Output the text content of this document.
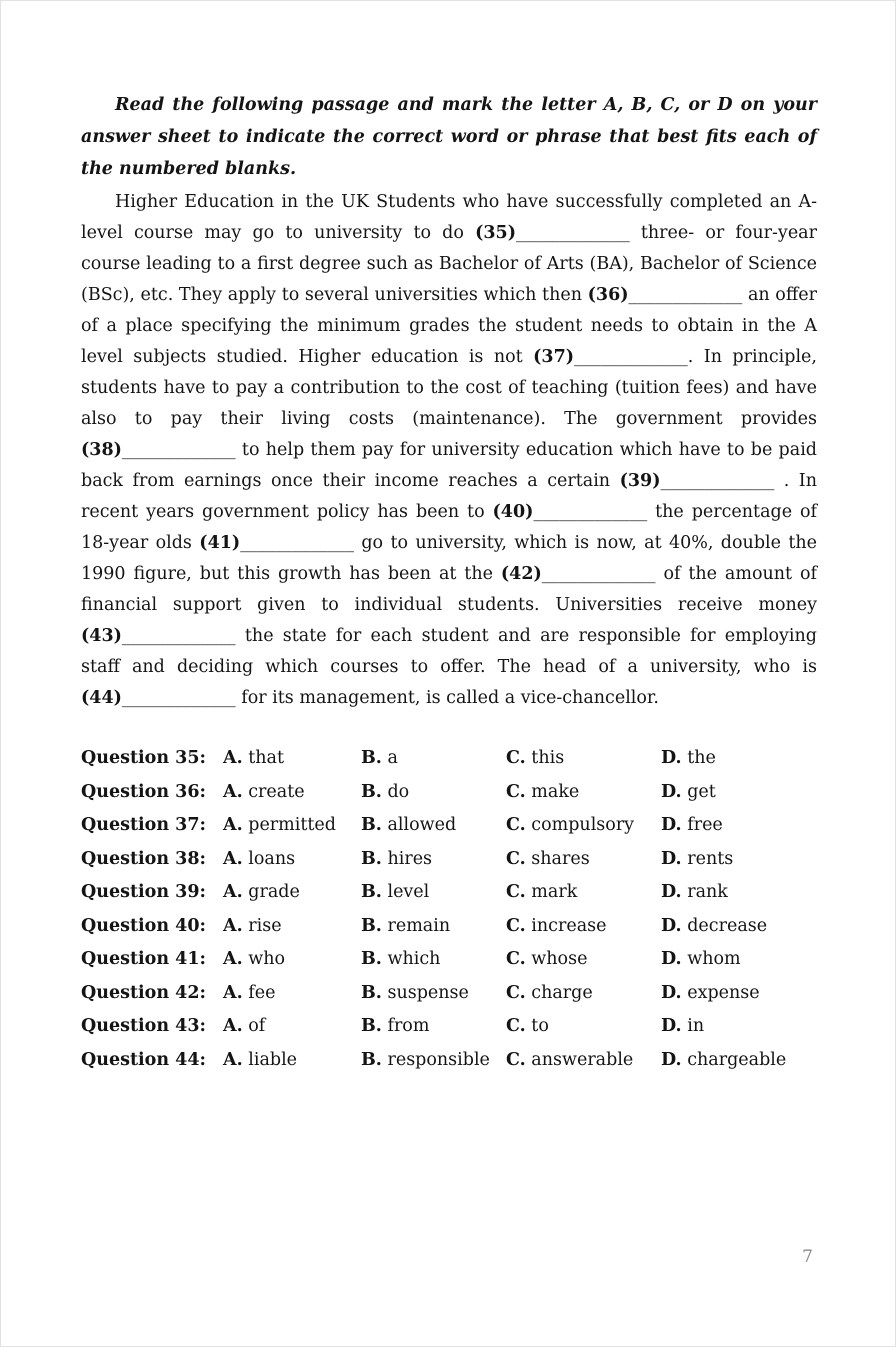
Read the following passage and mark the letter A, B, C, or D on your answer sheet to indicate the correct word or phrase that best fits each of the numbered blanks.

Higher Education in the UK Students who have successfully completed an A-level course may go to university to do (35)_____________ three- or four-year course leading to a first degree such as Bachelor of Arts (BA), Bachelor of Science (BSc), etc. They apply to several universities which then (36)_____________ an offer of a place specifying the minimum grades the student needs to obtain in the A level subjects studied. Higher education is not (37)_____________. In principle, students have to pay a contribution to the cost of teaching (tuition fees) and have also to pay their living costs (maintenance). The government provides (38)_____________ to help them pay for university education which have to be paid back from earnings once their income reaches a certain (39)_____________ . In recent years government policy has been to (40)_____________ the percentage of 18-year olds (41)_____________ go to university, which is now, at 40%, double the 1990 figure, but this growth has been at the (42)_____________ of the amount of financial support given to individual students. Universities receive money (43)_____________ the state for each student and are responsible for employing staff and deciding which courses to offer. The head of a university, who is (44)_____________ for its management, is called a vice-chancellor.

Question 35: A. that	B. a	C. this	D. the
Question 36: A. create	B. do	C. make	D. get
Question 37: A. permitted	B. allowed	C. compulsory	D. free
Question 38: A. loans	B. hires	C. shares	D. rents
Question 39: A. grade	B. level	C. mark	D. rank
Question 40: A. rise	B. remain	C. increase	D. decrease
Question 41: A. who	B. which	C. whose	D. whom
Question 42: A. fee	B. suspense	C. charge	D. expense
Question 43: A. of	B. from	C. to	D. in
Question 44: A. liable	B. responsible C. answerable	D. chargeable
7
